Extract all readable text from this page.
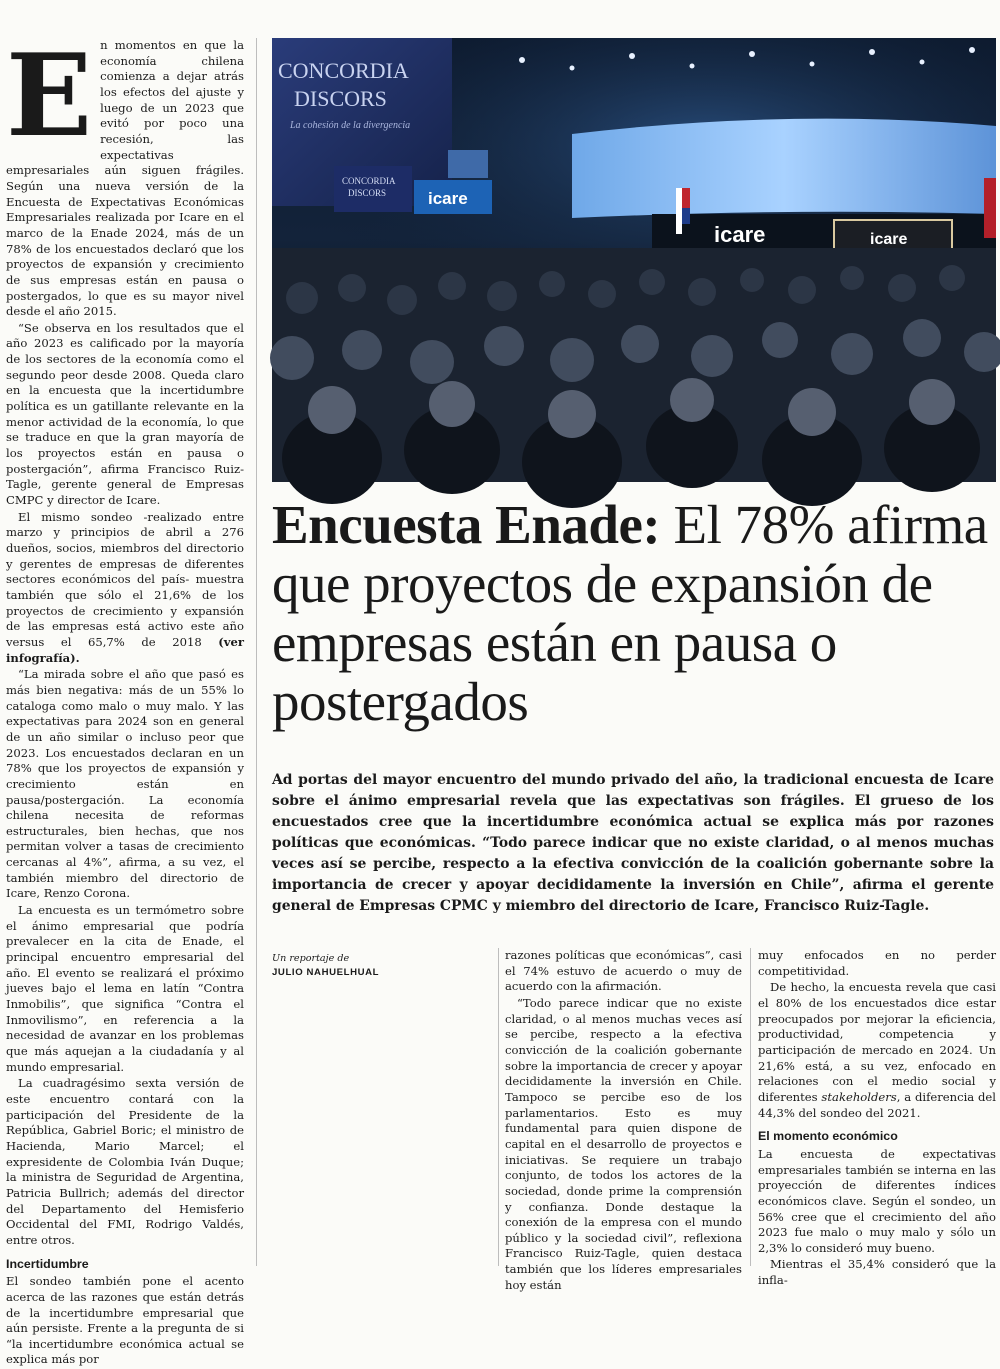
En momentos en que la economía chilena comienza a dejar atrás los efectos del ajuste y luego de un 2023 que evitó por poco una recesión, las expectativas empresariales aún siguen frágiles. Según una nueva versión de la Encuesta de Expectativas Económicas Empresariales realizada por Icare en el marco de la Enade 2024, más de un 78% de los encuestados declaró que los proyectos de expansión y crecimiento de sus empresas están en pausa o postergados, lo que es su mayor nivel desde el año 2015.

“Se observa en los resultados que el año 2023 es calificado por la mayoría de los sectores de la economía como el segundo peor desde 2008. Queda claro en la encuesta que la incertidumbre política es un gatillante relevante en la menor actividad de la economía, lo que se traduce en que la gran mayoría de los proyectos están en pausa o postergación”, afirma Francisco Ruiz-Tagle, gerente general de Empresas CMPC y director de Icare.

El mismo sondeo -realizado entre marzo y principios de abril a 276 dueños, socios, miembros del directorio y gerentes de empresas de diferentes sectores económicos del país- muestra también que sólo el 21,6% de los proyectos de crecimiento y expansión de las empresas está activo este año versus el 65,7% de 2018 (ver infografía).

“La mirada sobre el año que pasó es más bien negativa: más de un 55% lo cataloga como malo o muy malo. Y las expectativas para 2024 son en general de un año similar o incluso peor que 2023. Los encuestados declaran en un 78% que los proyectos de expansión y crecimiento están en pausa/postergación. La economía chilena necesita de reformas estructurales, bien hechas, que nos permitan volver a tasas de crecimiento cercanas al 4%”, afirma, a su vez, el también miembro del directorio de Icare, Renzo Corona.

La encuesta es un termómetro sobre el ánimo empresarial que podría prevalecer en la cita de Enade, el principal encuentro empresarial del año. El evento se realizará el próximo jueves bajo el lema en latín “Contra Inmobilis”, que significa “Contra el Inmovilismo”, en referencia a la necesidad de avanzar en los problemas que más aquejan a la ciudadanía y al mundo empresarial.

La cuadragésimo sexta versión de este encuentro contará con la participación del Presidente de la República, Gabriel Boric; el ministro de Hacienda, Mario Marcel; el expresidente de Colombia Iván Duque; la ministra de Seguridad de Argentina, Patricia Bullrich; además del director del Departamento del Hemisferio Occidental del FMI, Rodrigo Valdés, entre otros.

Incertidumbre

El sondeo también pone el acento acerca de las razones que están detrás de la incertidumbre empresarial que aún persiste. Frente a la pregunta de si “la incertidumbre económica actual se explica más por

CONCORDIA
DISCORS
La cohesión de la divergencia
CONCORDIA
DISCORS icare
icare	icare
Encuesta Enade: El 78% afirma que proyectos de expansión de empresas están en pausa o postergados

Ad portas del mayor encuentro del mundo privado del año, la tradicional encuesta de Icare sobre el ánimo empresarial revela que las expectativas son frágiles. El grueso de los encuestados cree que la incertidumbre económica actual se explica más por razones políticas que económicas. “Todo parece indicar que no existe claridad, o al menos muchas veces así se percibe, respecto a la efectiva convicción de la coalición gobernante sobre la importancia de crecer y apoyar decididamente la inversión en Chile”, afirma el gerente general de Empresas CPMC y miembro del directorio de Icare, Francisco Ruiz-Tagle.

Un reportaje de
JULIO NAHUELHUAL

razones políticas que económicas”, casi el 74% estuvo de acuerdo o muy de acuerdo con la afirmación.

“Todo parece indicar que no existe claridad, o al menos muchas veces así se percibe, respecto a la efectiva convicción de la coalición gobernante sobre la importancia de crecer y apoyar decididamente la inversión en Chile. Tampoco se percibe eso de los parlamentarios. Esto es muy fundamental para quien dispone de capital en el desarrollo de proyectos e iniciativas. Se requiere un trabajo conjunto, de todos los actores de la sociedad, donde prime la comprensión y confianza. Donde destaque la conexión de la empresa con el mundo público y la sociedad civil”, reflexiona Francisco Ruiz-Tagle, quien destaca también que los líderes empresariales hoy están

muy enfocados en no perder competitividad.

De hecho, la encuesta revela que casi el 80% de los encuestados dice estar preocupados por mejorar la eficiencia, productividad, competencia y participación de mercado en 2024. Un 21,6% está, a su vez, enfocado en relaciones con el medio social y diferentes stakeholders, a diferencia del 44,3% del sondeo del 2021.

El momento económico

La encuesta de expectativas empresariales también se interna en las proyección de diferentes índices económicos clave. Según el sondeo, un 56% cree que el crecimiento del año 2023 fue malo o muy malo y sólo un 2,3% lo consideró muy bueno.

Mientras el 35,4% consideró que la infla-
